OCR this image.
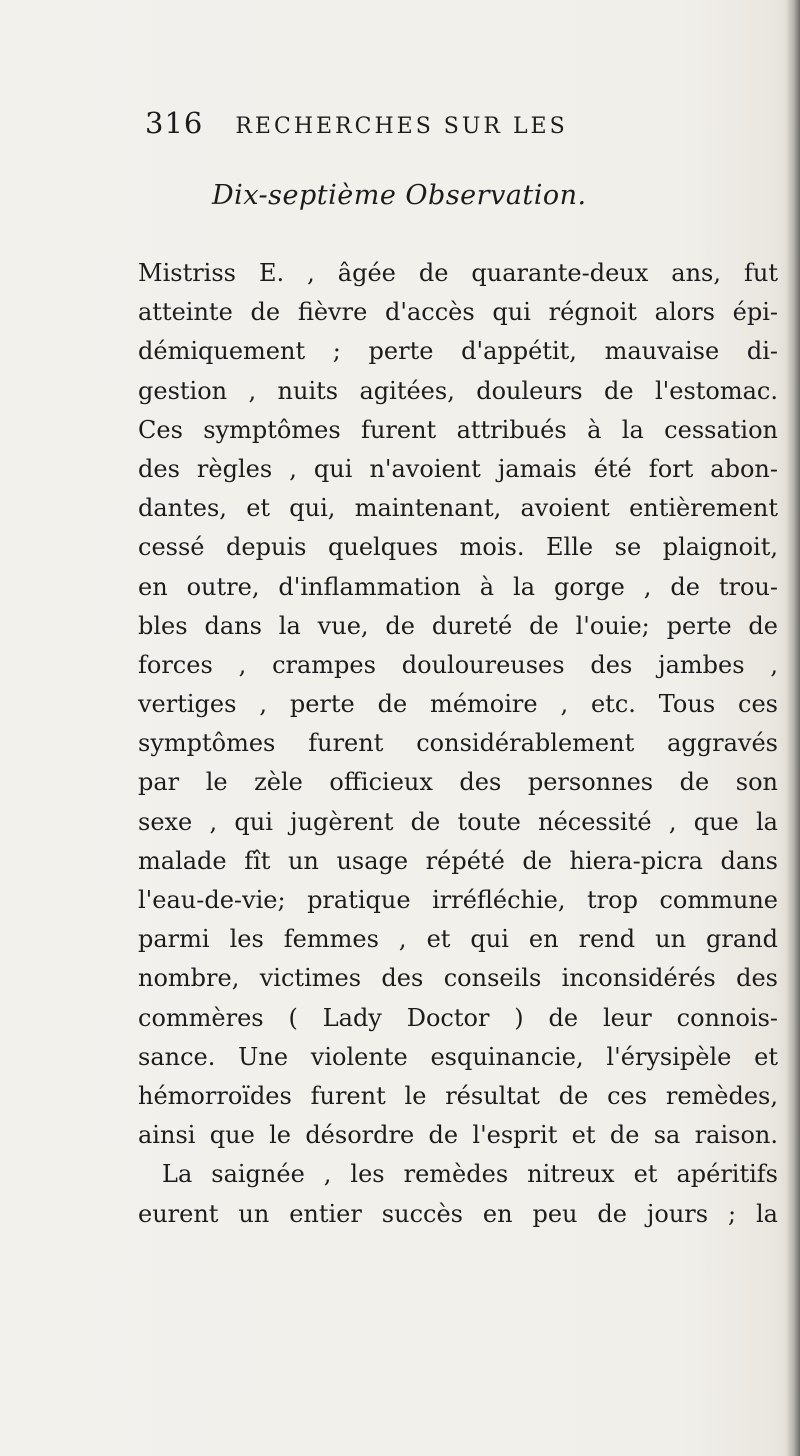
316 RECHERCHES SUR LES
Dix-septième Observation.
Mistriss E. , âgée de quarante-deux ans, fut
atteinte de fièvre d'accès qui régnoit alors épi-
démiquement ; perte d'appétit, mauvaise di-
gestion , nuits agitées, douleurs de l'estomac.
Ces symptômes furent attribués à la cessation
des règles , qui n'avoient jamais été fort abon-
dantes, et qui, maintenant, avoient entièrement
cessé depuis quelques mois. Elle se plaignoit,
en outre, d'inflammation à la gorge , de trou-
bles dans la vue, de dureté de l'ouie; perte de
forces , crampes douloureuses des jambes ,
vertiges , perte de mémoire , etc. Tous ces
symptômes furent considérablement aggravés
par le zèle officieux des personnes de son
sexe , qui jugèrent de toute nécessité , que la
malade fît un usage répété de hiera-picra dans
l'eau-de-vie; pratique irréfléchie, trop commune
parmi les femmes , et qui en rend un grand
nombre, victimes des conseils inconsidérés des
commères ( Lady Doctor ) de leur connois-
sance. Une violente esquinancie, l'érysipèle et
hémorroïdes furent le résultat de ces remèdes,
ainsi que le désordre de l'esprit et de sa raison.
La saignée , les remèdes nitreux et apéritifs
eurent un entier succès en peu de jours ; la
